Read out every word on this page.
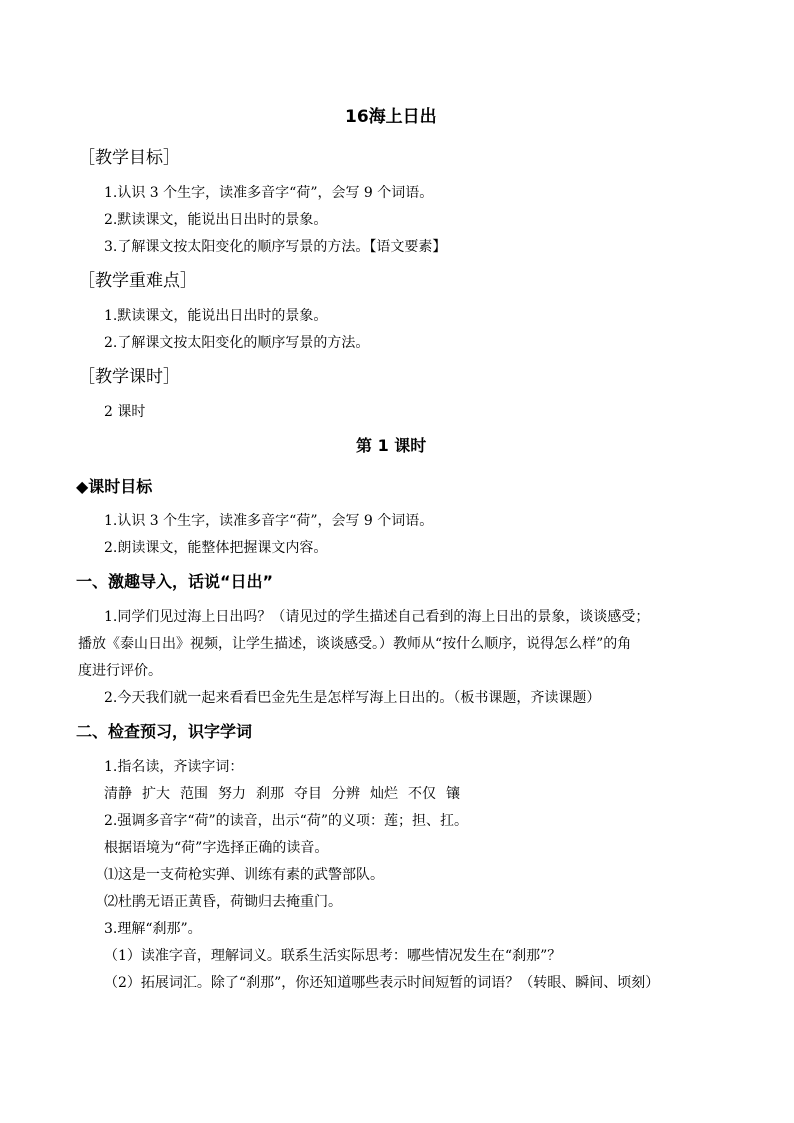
16海上日出
［教学目标］
1.认识 3 个生字，读准多音字“荷”，会写 9 个词语。
2.默读课文，能说出日出时的景象。
3.了解课文按太阳变化的顺序写景的方法。【语文要素】
［教学重难点］
1.默读课文，能说出日出时的景象。
2.了解课文按太阳变化的顺序写景的方法。
［教学课时］
2 课时
第 1 课时
◆课时目标
1.认识 3 个生字，读准多音字“荷”，会写 9 个词语。
2.朗读课文，能整体把握课文内容。
一、激趣导入，话说“日出”
1.同学们见过海上日出吗？（请见过的学生描述自己看到的海上日出的景象，谈谈感受；
播放《泰山日出》视频，让学生描述，谈谈感受。）教师从“按什么顺序，说得怎么样”的角
度进行评价。
2.今天我们就一起来看看巴金先生是怎样写海上日出的。（板书课题，齐读课题）
二、检查预习，识字学词
1.指名读，齐读字词：
清静 扩大 范围 努力 刹那 夺目 分辨 灿烂 不仅 镶
2.强调多音字“荷”的读音，出示“荷”的义项：莲；担、扛。
根据语境为“荷”字选择正确的读音。
⑴这是一支荷枪实弹、训练有素的武警部队。
⑵杜鹃无语正黄昏，荷锄归去掩重门。
3.理解“刹那”。
（1）读准字音，理解词义。联系生活实际思考：哪些情况发生在“刹那”？
（2）拓展词汇。除了“刹那”，你还知道哪些表示时间短暂的词语？（转眼、瞬间、顷刻）
